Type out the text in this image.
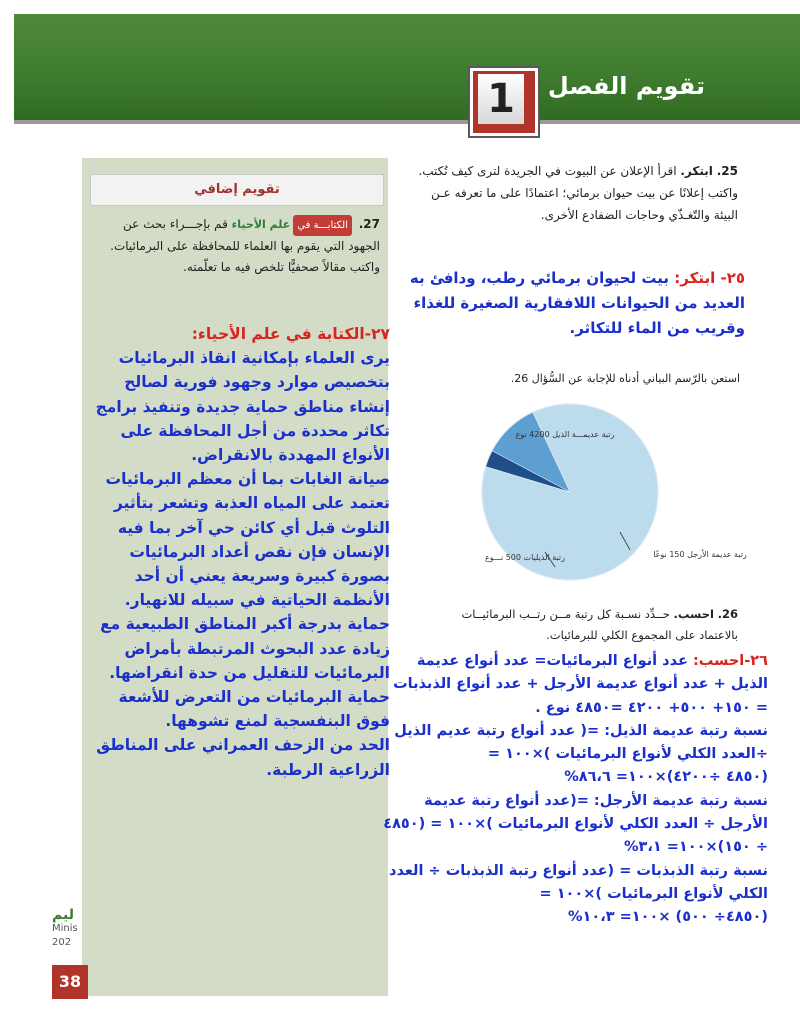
1	تقويم الفصل
تقويم إضافي
27. الكتابـــة فيعلم الأحياء قم بإجـــراء بحث عن الجهود التي يقوم بها العلماء للمحافظة على البرمائيات. واكتب مقالاً صحفيًّا تلخص فيه ما تعلّمته.
٢٧-الكتابة في علم الأحياء:
يرى العلماء بإمكانية انقاذ البرمائيات بتخصيص موارد وجهود فورية لصالح إنشاء مناطق حماية جديدة وتنفيذ برامج تكاثر محددة من أجل المحافظة على الأنواع المهددة بالانقراض.
صيانة الغابات بما أن معظم البرمائيات تعتمد على المياه العذبة وتشعر بتأثير التلوث قبل أي كائن حي آخر بما فيه الإنسان فإن نقص أعداد البرمائيات بصورة كبيرة وسريعة يعني أن أحد الأنظمة الحياتية في سبيله للانهيار.
حماية بدرجة أكبر المناطق الطبيعية مع زيادة عدد البحوث المرتبطة بأمراض البرمائيات للتقليل من حدة انقراضها.
حماية البرمائيات من التعرض للأشعة فوق البنفسجية لمنع تشوهها.
الحد من الزحف العمراني على المناطق الزراعية الرطبة.
25. ابتكر. اقرأ الإعلان عن البيوت في الجريدة لترى كيف تُكتب. واكتب إعلانًا عن بيت حيوان برمائي؛ اعتمادًا على ما تعرفه عـن البيئة والتّغـذّي وحاجات الضفادع الأخرى.
٢٥- ابتكر: بيت لحيوان برمائي رطب، ودافئ به العديد من الحيوانات اللافقارية الصغيرة للغذاء وقريب من الماء للتكاثر.
استعن بالرّسم البياني أدناه للإجابة عن السُّؤال 26.
رتبة عديمـــة الذيل 4200 نوع
رتبة عديمة الأرجل 150 نوعًا
رتبة الذيليات 500 نـــوع
26. احسب. حــدِّد نسـبة كل رتبة مــن رتــب البرمائيــات بالاعتماد على المجموع الكلي للبرمائيات.
٢٦-احسب: عدد أنواع البرمائيات= عدد أنواع عديمة الذيل + عدد أنواع عديمة الأرجل + عدد أنواع الذبذبات
= ١٥٠+ ٥٠٠+ ٤٢٠٠ =٤٨٥٠ نوع .
نسبة رتبة عديمة الذيل: =( عدد أنواع رتبة عديم الذيل ÷العدد الكلي لأنواع البرمائيات )×١٠٠ =
(٤٨٥٠ ÷٤٢٠٠)×١٠٠= ٨٦،٦%
نسبة رتبة عديمة الأرجل: =(عدد أنواع رتبة عديمة الأرجل ÷ العدد الكلي لأنواع البرمائيات )×١٠٠ = (٤٨٥٠ ÷ ١٥٠)×١٠٠= ٣،١%
نسبة رتبة الذبذبات = (عدد أنواع رتبة الذبذبات ÷ العدد الكلي لأنواع البرمائيات )×١٠٠ =
(٤٨٥٠÷ ٥٠٠) ×١٠٠= ١٠،٣%
ليم
Minis
202
38
